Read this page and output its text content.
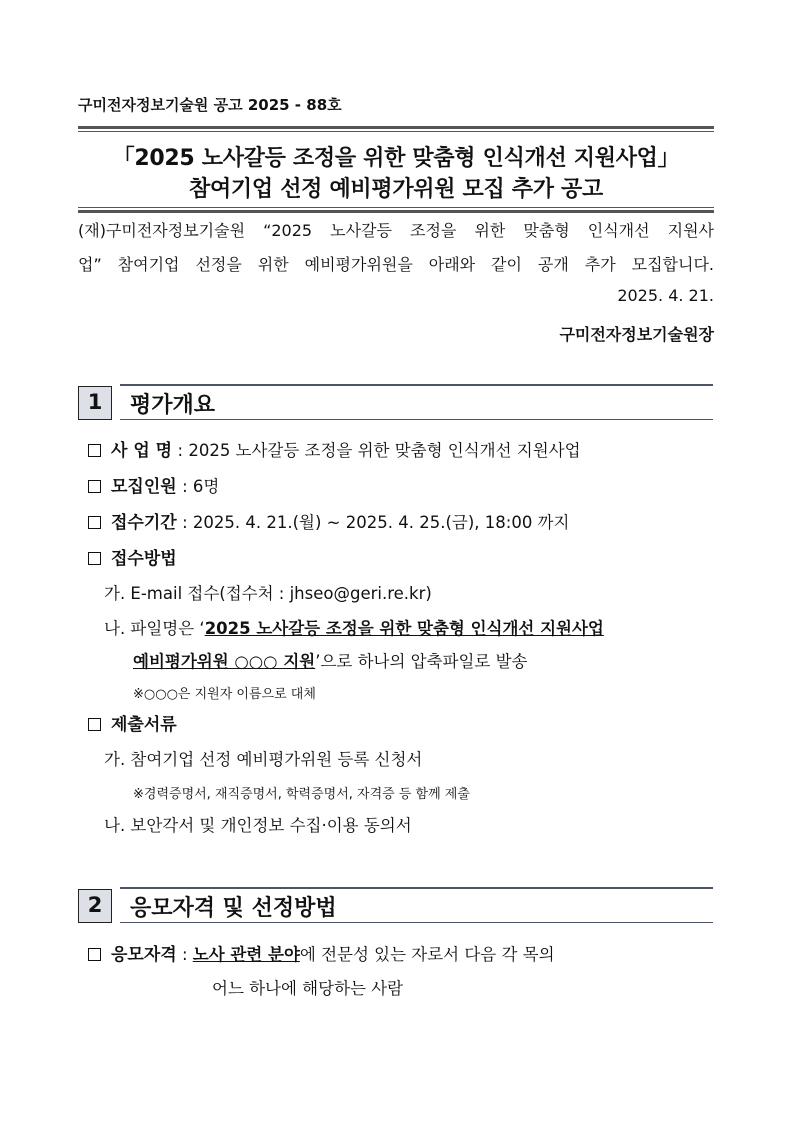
구미전자정보기술원 공고 2025 - 88호
「2025 노사갈등 조정을 위한 맞춤형 인식개선 지원사업」
참여기업 선정 예비평가위원 모집 추가 공고
(재)구미전자정보기술원 “2025 노사갈등 조정을 위한 맞춤형 인식개선 지원사
업” 참여기업 선정을 위한 예비평가위원을 아래와 같이 공개 추가 모집합니다.
2025. 4. 21.
구미전자정보기술원장
1	평가개요
사 업 명 : 2025 노사갈등 조정을 위한 맞춤형 인식개선 지원사업
모집인원 : 6명
접수기간 : 2025. 4. 21.(월) ~ 2025. 4. 25.(금), 18:00 까지
접수방법
가. E-mail 접수(접수처 : jhseo@geri.re.kr)
나. 파일명은 ‘2025 노사갈등 조정을 위한 맞춤형 인식개선 지원사업
예비평가위원 ○○○ 지원’으로 하나의 압축파일로 발송
※○○○은 지원자 이름으로 대체
제출서류
가. 참여기업 선정 예비평가위원 등록 신청서
※경력증명서, 재직증명서, 학력증명서, 자격증 등 함께 제출
나. 보안각서 및 개인정보 수집·이용 동의서
2	응모자격 및 선정방법
응모자격 : 노사 관련 분야에 전문성 있는 자로서 다음 각 목의
어느 하나에 해당하는 사람
